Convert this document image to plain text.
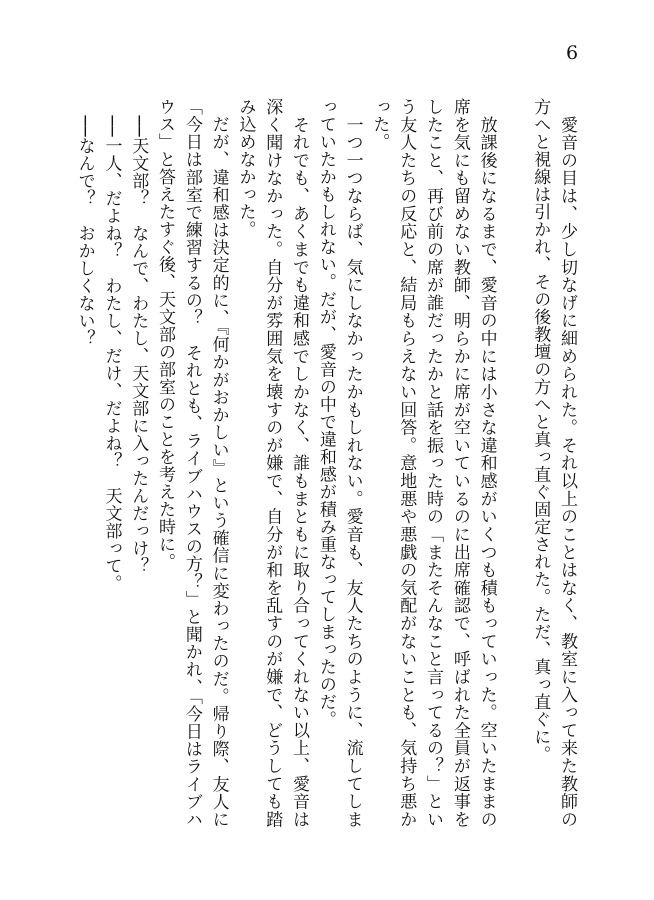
6

　愛音の目は、少し切なげに細められた。それ以上のことはなく、教室に入って来た教師の方へと視線は引かれ、その後教壇の方へと真っ直ぐ固定された。ただ、真っ直ぐに。

　放課後になるまで、愛音の中には小さな違和感がいくつも積もっていった。空いたままの席を気にも留めない教師、明らかに席が空いているのに出席確認で、呼ばれた全員が返事をしたこと、再び前の席が誰だったかと話を振った時の「またそんなこと言ってるの？」という友人たちの反応と、結局もらえない回答。意地悪や悪戯の気配がないことも、気持ち悪かった。

　一つ一つならば、気にしなかったかもしれない。愛音も、友人たちのように、流してしまっていたかもしれない。だが、愛音の中で違和感が積み重なってしまったのだ。

　それでも、あくまでも違和感でしかなく、誰もまともに取り合ってくれない以上、愛音は深く聞けなかった。自分が雰囲気を壊すのが嫌で、自分が和を乱すのが嫌で、どうしても踏み込めなかった。

　だが、違和感は決定的に、『何かがおかしい』という確信に変わったのだ。帰り際、友人に「今日は部室で練習するの？　それとも、ライブハウスの方？」と聞かれ、「今日はライブハウス」と答えたすぐ後、天文部の部室のことを考えた時に。

　──天文部？　なんで、わたし、天文部に入ったんだっけ？

　──一人、だよね？　わたし、だけ、だよね？　天文部って。

　──なんで？　おかしくない？
